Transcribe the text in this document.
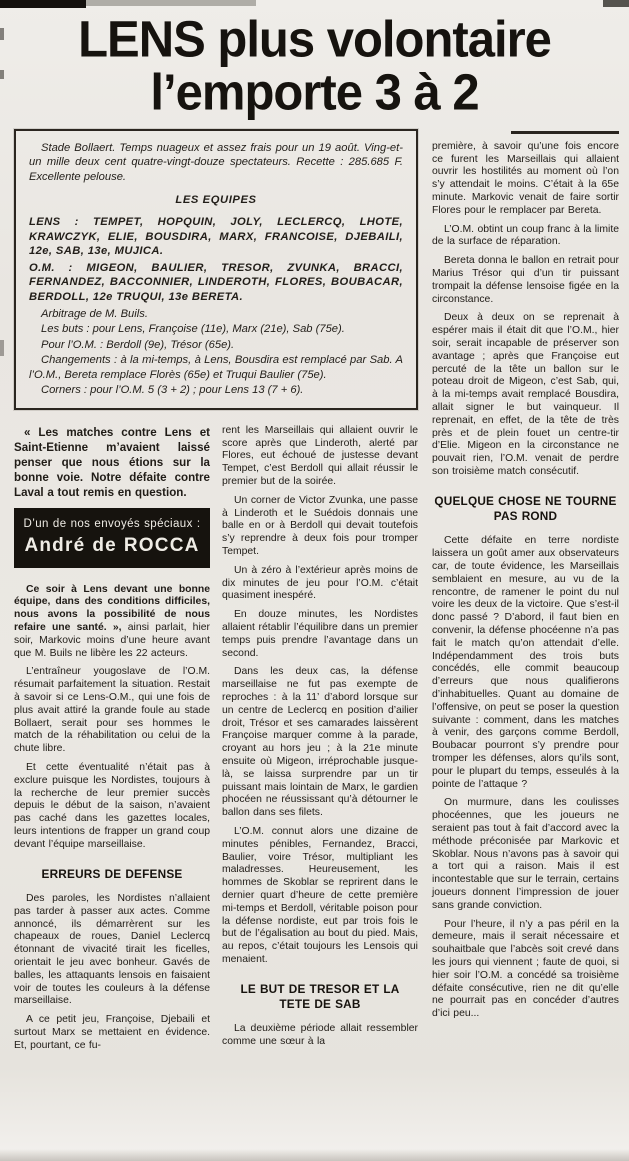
LENS plus volontaire
l’emporte 3 à 2

Stade Bollaert. Temps nuageux et assez frais pour un 19 août. Ving-et-un mille deux cent quatre-vingt-douze spectateurs. Recette : 285.685 F. Excellente pelouse.

LES EQUIPES

LENS : TEMPET, HOPQUIN, JOLY, LECLERCQ, LHOTE, KRAWCZYK, ELIE, BOUSDIRA, MARX, FRANCOISE, DJEBAILI, 12e, SAB, 13e, MUJICA.

O.M. : MIGEON, BAULIER, TRESOR, ZVUNKA, BRACCI, FERNANDEZ, BACCONNIER, LINDEROTH, FLORES, BOUBACAR, BERDOLL, 12e TRUQUI, 13e BERETA.

Arbitrage de M. Buils.

Les buts : pour Lens, Françoise (11e), Marx (21e), Sab (75e).

Pour l’O.M. : Berdoll (9e), Trésor (65e).

Changements : à la mi-temps, à Lens, Bousdira est remplacé par Sab. A l’O.M., Bereta remplace Florès (65e) et Truqui Baulier (75e).

Corners : pour l’O.M. 5 (3 + 2) ; pour Lens 13 (7 + 6).

« Les matches contre Lens et Saint-Etienne m’avaient laissé penser que nous étions sur la bonne voie. Notre défaite contre Laval a tout remis en question.

D’un de nos envoyés spéciaux :
André de ROCCA

Ce soir à Lens devant une bonne équipe, dans des conditions difficiles, nous avons la possibilité de nous refaire une santé. », ainsi parlait, hier soir, Markovic moins d’une heure avant que M. Buils ne libère les 22 acteurs.

L’entraîneur yougoslave de l’O.M. résumait parfaitement la situation. Restait à savoir si ce Lens-O.M., qui une fois de plus avait attiré la grande foule au stade Bollaert, serait pour ses hommes le match de la réhabilitation ou celui de la chute libre.

Et cette éventualité n’était pas à exclure puisque les Nordistes, toujours à la recherche de leur premier succès depuis le début de la saison, n’avaient pas caché dans les gazettes locales, leurs intentions de frapper un grand coup devant l’équipe marseillaise.

ERREURS DE DEFENSE

Des paroles, les Nordistes n’allaient pas tarder à passer aux actes. Comme annoncé, ils démarrèrent sur les chapeaux de roues, Daniel Leclercq étonnant de vivacité tirait les ficelles, orientait le jeu avec bonheur. Gavés de balles, les attaquants lensois en faisaient voir de toutes les couleurs à la défense marseillaise.

A ce petit jeu, Françoise, Djebaili et surtout Marx se mettaient en évidence. Et, pourtant, ce fu-

rent les Marseillais qui allaient ouvrir le score après que Linderoth, alerté par Flores, eut échoué de justesse devant Tempet, c’est Berdoll qui allait réussir le premier but de la soirée.

Un corner de Victor Zvunka, une passe à Linderoth et le Suédois donnais une balle en or à Berdoll qui devait toutefois s’y reprendre à deux fois pour tromper Tempet.

Un à zéro à l’extérieur après moins de dix minutes de jeu pour l’O.M. c’était quasiment inespéré.

En douze minutes, les Nordistes allaient rétablir l’équilibre dans un premier temps puis prendre l’avantage dans un second.

Dans les deux cas, la défense marseillaise ne fut pas exempte de reproches : à la 11’ d’abord lorsque sur un centre de Leclercq en position d’ailier droit, Trésor et ses camarades laissèrent Françoise marquer comme à la parade, croyant au hors jeu ; à la 21e minute ensuite où Migeon, irréprochable jusque-là, se laissa surprendre par un tir puissant mais lointain de Marx, le gardien phocéen ne réussissant qu’à détourner le ballon dans ses filets.

L’O.M. connut alors une dizaine de minutes pénibles, Fernandez, Bracci, Baulier, voire Trésor, multipliant les maladresses. Heureusement, les hommes de Skoblar se reprirent dans le dernier quart d’heure de cette première mi-temps et Berdoll, véritable poison pour la défense nordiste, eut par trois fois le but de l’égalisation au bout du pied. Mais, au repos, c’était toujours les Lensois qui menaient.

LE BUT DE TRESOR ET LA TETE DE SAB

La deuxième période allait ressembler comme une sœur à la

première, à savoir qu’une fois encore ce furent les Marseillais qui allaient ouvrir les hostilités au moment où l’on s’y attendait le moins. C’était à la 65e minute. Markovic venait de faire sortir Flores pour le remplacer par Bereta.

L’O.M. obtint un coup franc à la limite de la surface de réparation.

Bereta donna le ballon en retrait pour Marius Trésor qui d’un tir puissant trompait la défense lensoise figée en la circonstance.

Deux à deux on se reprenait à espérer mais il était dit que l’O.M., hier soir, serait incapable de préserver son avantage ; après que Françoise eut percuté de la tête un ballon sur le poteau droit de Migeon, c’est Sab, qui, à la mi-temps avait remplacé Bousdira, allait signer le but vainqueur. Il reprenait, en effet, de la tête de très près et de plein fouet un centre-tir d’Elie. Migeon en la circonstance ne pouvait rien, l’O.M. venait de perdre son troisième match consécutif.

QUELQUE CHOSE NE TOURNE PAS ROND

Cette défaite en terre nordiste laissera un goût amer aux observateurs car, de toute évidence, les Marseillais semblaient en mesure, au vu de la rencontre, de ramener le point du nul voire les deux de la victoire. Que s’est-il donc passé ? D’abord, il faut bien en convenir, la défense phocéenne n’a pas fait le match qu’on attendait d’elle. Indépendamment des trois buts concédés, elle commit beaucoup d’erreurs que nous qualifierons d’inhabituelles. Quant au domaine de l’offensive, on peut se poser la question suivante : comment, dans les matches à venir, des garçons comme Berdoll, Boubacar pourront s’y prendre pour tromper les défenses, alors qu’ils sont, pour le plupart du temps, esseulés à la pointe de l’attaque ?

On murmure, dans les coulisses phocéennes, que les joueurs ne seraient pas tout à fait d’accord avec la méthode préconisée par Markovic et Skoblar. Nous n’avons pas à savoir qui a tort qui a raison. Mais il est incontestable que sur le terrain, certains joueurs donnent l’impression de jouer sans grande conviction.

Pour l’heure, il n’y a pas péril en la demeure, mais il serait nécessaire et souhaitbale que l’abcès soit crevé dans les jours qui viennent ; faute de quoi, si hier soir l’O.M. a concédé sa troisième défaite consécutive, rien ne dit qu’elle ne pourrait pas en concéder d’autres d’ici peu...
